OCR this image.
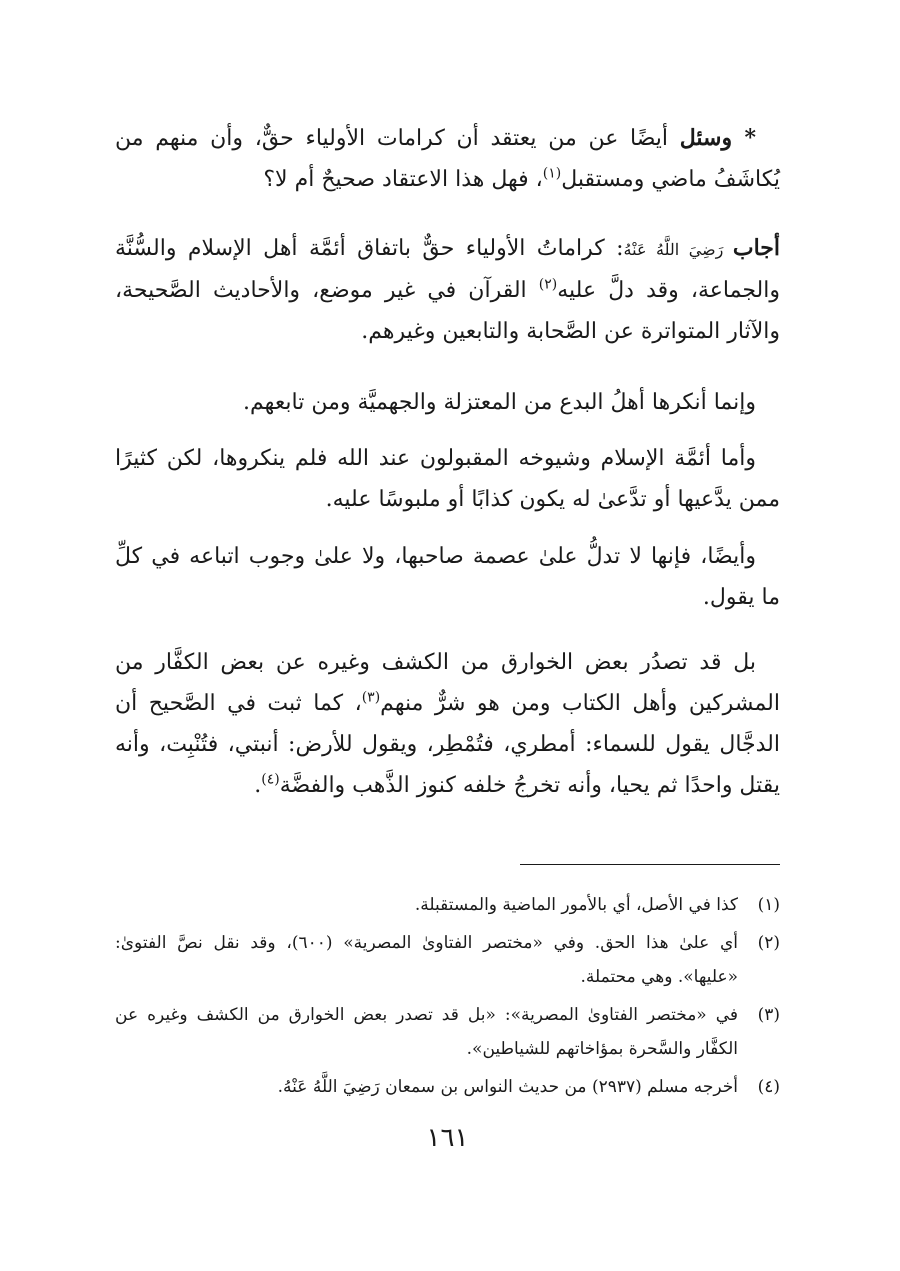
* وسئل أيضًا عن من يعتقد أن كرامات الأولياء حقٌّ، وأن منهم من يُكاشَفُ ماضي ومستقبل$^{(١)}$، فهل هذا الاعتقاد صحيحٌ أم لا؟

أجاب رَضِيَ اللَّهُ عَنْهُ: كراماتُ الأولياء حقٌّ باتفاق أئمَّة أهل الإسلام والسُّنَّة والجماعة، وقد دلَّ عليه$^{(٢)}$ القرآن في غير موضع، والأحاديث الصَّحيحة، والآثار المتواترة عن الصَّحابة والتابعين وغيرهم.

وإنما أنكرها أهلُ البدع من المعتزلة والجهميَّة ومن تابعهم.

وأما أئمَّة الإسلام وشيوخه المقبولون عند الله فلم ينكروها، لكن كثيرًا ممن يدَّعيها أو تدَّعىٰ له يكون كذابًا أو ملبوسًا عليه.

وأيضًا، فإنها لا تدلُّ علىٰ عصمة صاحبها، ولا علىٰ وجوب اتباعه في كلِّ ما يقول.

بل قد تصدُر بعض الخوارق من الكشف وغيره عن بعض الكفَّار من المشركين وأهل الكتاب ومن هو شرٌّ منهم$^{(٣)}$، كما ثبت في الصَّحيح أن الدجَّال يقول للسماء: أمطري، فتُمْطِر، ويقول للأرض: أنبتي، فتُنْبِت، وأنه يقتل واحدًا ثم يحيا، وأنه تخرجُ خلفه كنوز الذَّهب والفضَّة$^{(٤)}$.

(١)
كذا في الأصل، أي بالأمور الماضية والمستقبلة.
(٢)
أي علىٰ هذا الحق. وفي «مختصر الفتاوىٰ المصرية» (٦٠٠)، وقد نقل نصَّ الفتوىٰ: «عليها». وهي محتملة.
(٣)
في «مختصر الفتاوىٰ المصرية»: «بل قد تصدر بعض الخوارق من الكشف وغيره عن الكفَّار والسَّحرة بمؤاخاتهم للشياطين».
(٤)
أخرجه مسلم (٢٩٣٧) من حديث النواس بن سمعان رَضِيَ اللَّهُ عَنْهُ.
١٦١
